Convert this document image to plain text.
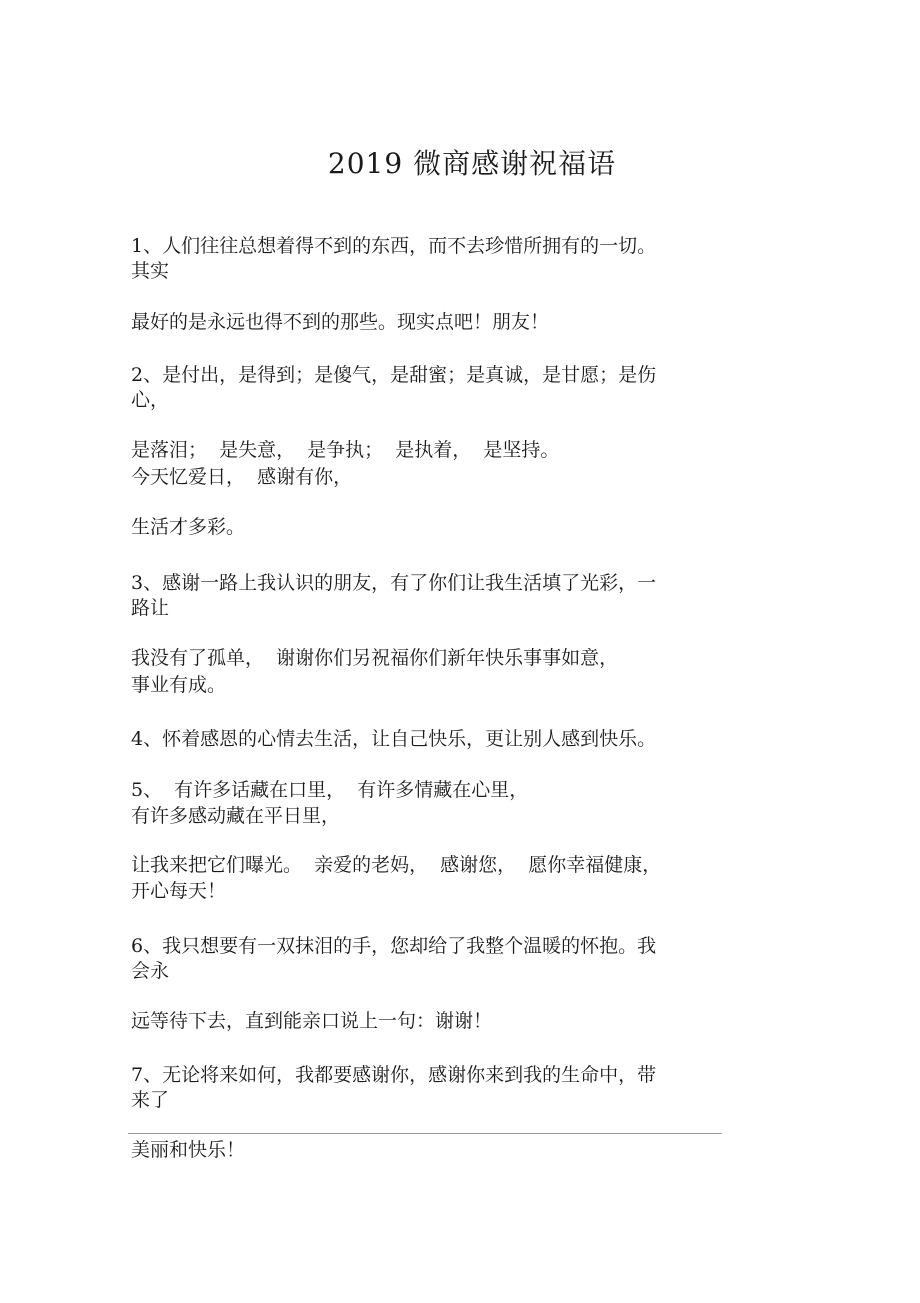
2019 微商感谢祝福语
1、人们往往总想着得不到的东西，而不去珍惜所拥有的一切。
其实
最好的是永远也得不到的那些。现实点吧！朋友！
2、是付出，是得到；是傻气，是甜蜜；是真诚，是甘愿；是伤
心，
是落泪；  是失意，  是争执；  是执着，  是坚持。
今天忆爱日，  感谢有你，
生活才多彩。
3、感谢一路上我认识的朋友，有了你们让我生活填了光彩，一
路让
我没有了孤单，  谢谢你们另祝福你们新年快乐事事如意，
事业有成。
4、怀着感恩的心情去生活，让自己快乐，更让别人感到快乐。
5、  有许多话藏在口里，  有许多情藏在心里，
有许多感动藏在平日里，
让我来把它们曝光。  亲爱的老妈，  感谢您，  愿你幸福健康，
开心每天！
6、我只想要有一双抹泪的手，您却给了我整个温暖的怀抱。我
会永
远等待下去，直到能亲口说上一句：谢谢！
7、无论将来如何，我都要感谢你，感谢你来到我的生命中，带
来了
美丽和快乐！
